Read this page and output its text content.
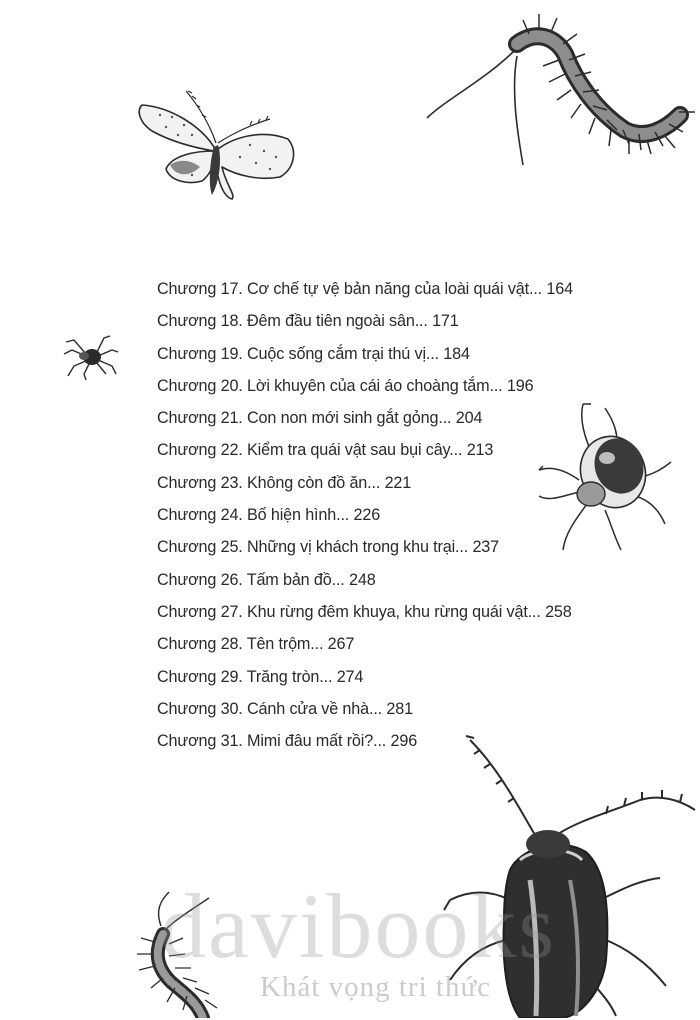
Chương 17. Cơ chế tự vệ bản năng của loài quái vật... 164
Chương 18. Đêm đầu tiên ngoài sân... 171
Chương 19. Cuộc sống cắm trại thú vị... 184
Chương 20. Lời khuyên của cái áo choàng tắm... 196
Chương 21. Con non mới sinh gắt gỏng... 204
Chương 22. Kiểm tra quái vật sau bụi cây... 213
Chương 23. Không còn đồ ăn... 221
Chương 24. Bố hiện hình... 226
Chương 25. Những vị khách trong khu trại... 237
Chương 26. Tấm bản đồ... 248
Chương 27. Khu rừng đêm khuya, khu rừng quái vật... 258
Chương 28. Tên trộm... 267
Chương 29. Trăng tròn... 274
Chương 30. Cánh cửa về nhà... 281
Chương 31. Mimi đâu mất rồi?... 296
davibooks
Khát vọng tri thức
